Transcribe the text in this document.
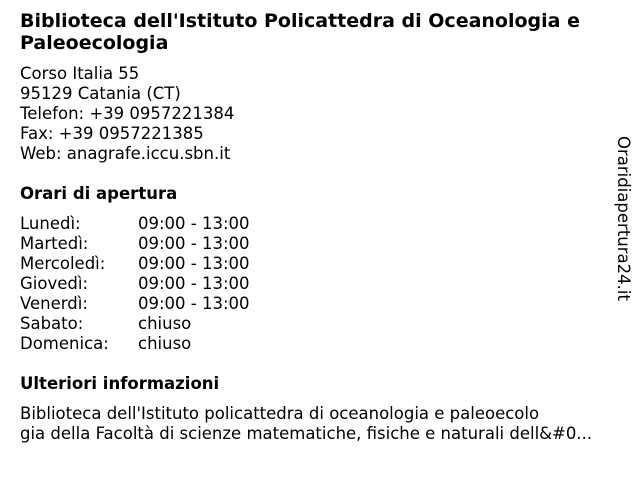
Biblioteca dell'Istituto Policattedra di Oceanologia e Paleoecologia
Corso Italia 55
95129 Catania (CT)
Telefon: +39 0957221384
Fax: +39 0957221385
Web: anagrafe.iccu.sbn.it
Orari di apertura
Lunedì:	09:00 - 13:00
Martedì:	09:00 - 13:00
Mercoledì:	09:00 - 13:00
Giovedì:	09:00 - 13:00
Venerdì:	09:00 - 13:00
Sabato:	chiuso
Domenica:	chiuso
Ulteriori informazioni
Biblioteca dell'Istituto policattedra di oceanologia e paleoecolo
gia della Facoltà di scienze matematiche, fisiche e naturali dell&#0...
Oraridiapertura24.it
